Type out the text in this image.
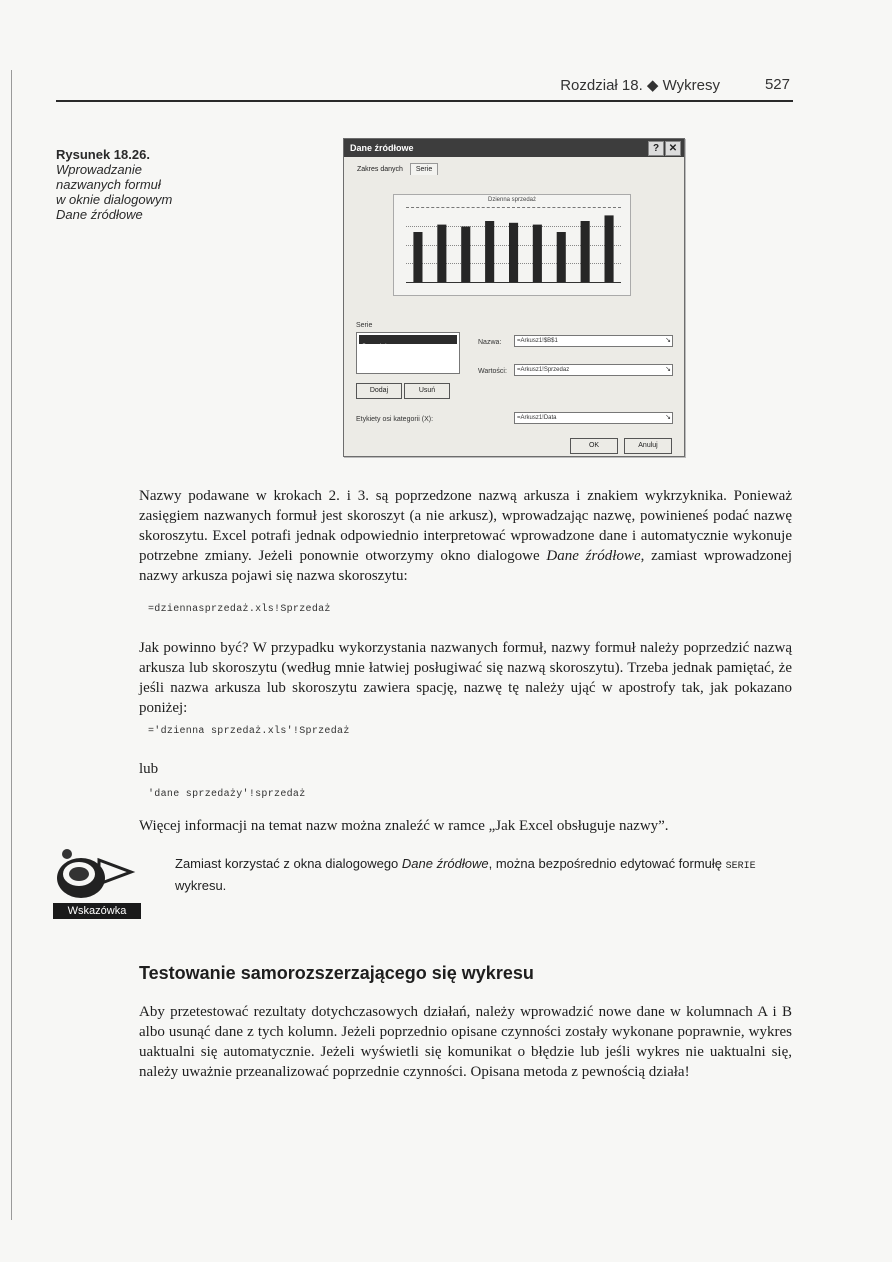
Rozdział 18. ◆ Wykresy	527
Rysunek 18.26.
Wprowadzanie
nazwanych formuł
w oknie dialogowym
Dane źródłowe
Dane źródłowe	? ✕
Zakres danych Serie
Dzienna sprzedaż
Serie
Sprzedaż
Nazwa:	=Arkusz1!$B$1	↘
Wartości:	=Arkusz1!Sprzedaz	↘
Dodaj	Usuń
Etykiety osi kategorii (X):	=Arkusz1!Data	↘
OK	Anuluj
Nazwy podawane w krokach 2. i 3. są poprzedzone nazwą arkusza i znakiem wykrzyknika. Ponieważ zasięgiem nazwanych formuł jest skoroszyt (a nie arkusz), wprowadzając nazwę, powinieneś podać nazwę skoroszytu. Excel potrafi jednak odpowiednio interpretować wprowadzone dane i automatycznie wykonuje potrzebne zmiany. Jeżeli ponownie otworzymy okno dialogowe Dane źródłowe, zamiast wprowadzonej nazwy arkusza pojawi się nazwa skoroszytu:
=dziennasprzedaż.xls!Sprzedaż
Jak powinno być? W przypadku wykorzystania nazwanych formuł, nazwy formuł należy poprzedzić nazwą arkusza lub skoroszytu (według mnie łatwiej posługiwać się nazwą skoroszytu). Trzeba jednak pamiętać, że jeśli nazwa arkusza lub skoroszytu zawiera spację, nazwę tę należy ująć w apostrofy tak, jak pokazano poniżej:
='dzienna sprzedaż.xls'!Sprzedaż
lub
'dane sprzedaży'!sprzedaż
Więcej informacji na temat nazw można znaleźć w ramce „Jak Excel obsługuje nazwy”.
Wskazówka
Zamiast korzystać z okna dialogowego Dane źródłowe, można bezpośrednio edytować formułę SERIE wykresu.
Testowanie samorozszerzającego się wykresu
Aby przetestować rezultaty dotychczasowych działań, należy wprowadzić nowe dane w kolumnach A i B albo usunąć dane z tych kolumn. Jeżeli poprzednio opisane czynności zostały wykonane poprawnie, wykres uaktualni się automatycznie. Jeżeli wyświetli się komunikat o błędzie lub jeśli wykres nie uaktualni się, należy uważnie przeanalizować poprzednie czynności. Opisana metoda z pewnością działa!
